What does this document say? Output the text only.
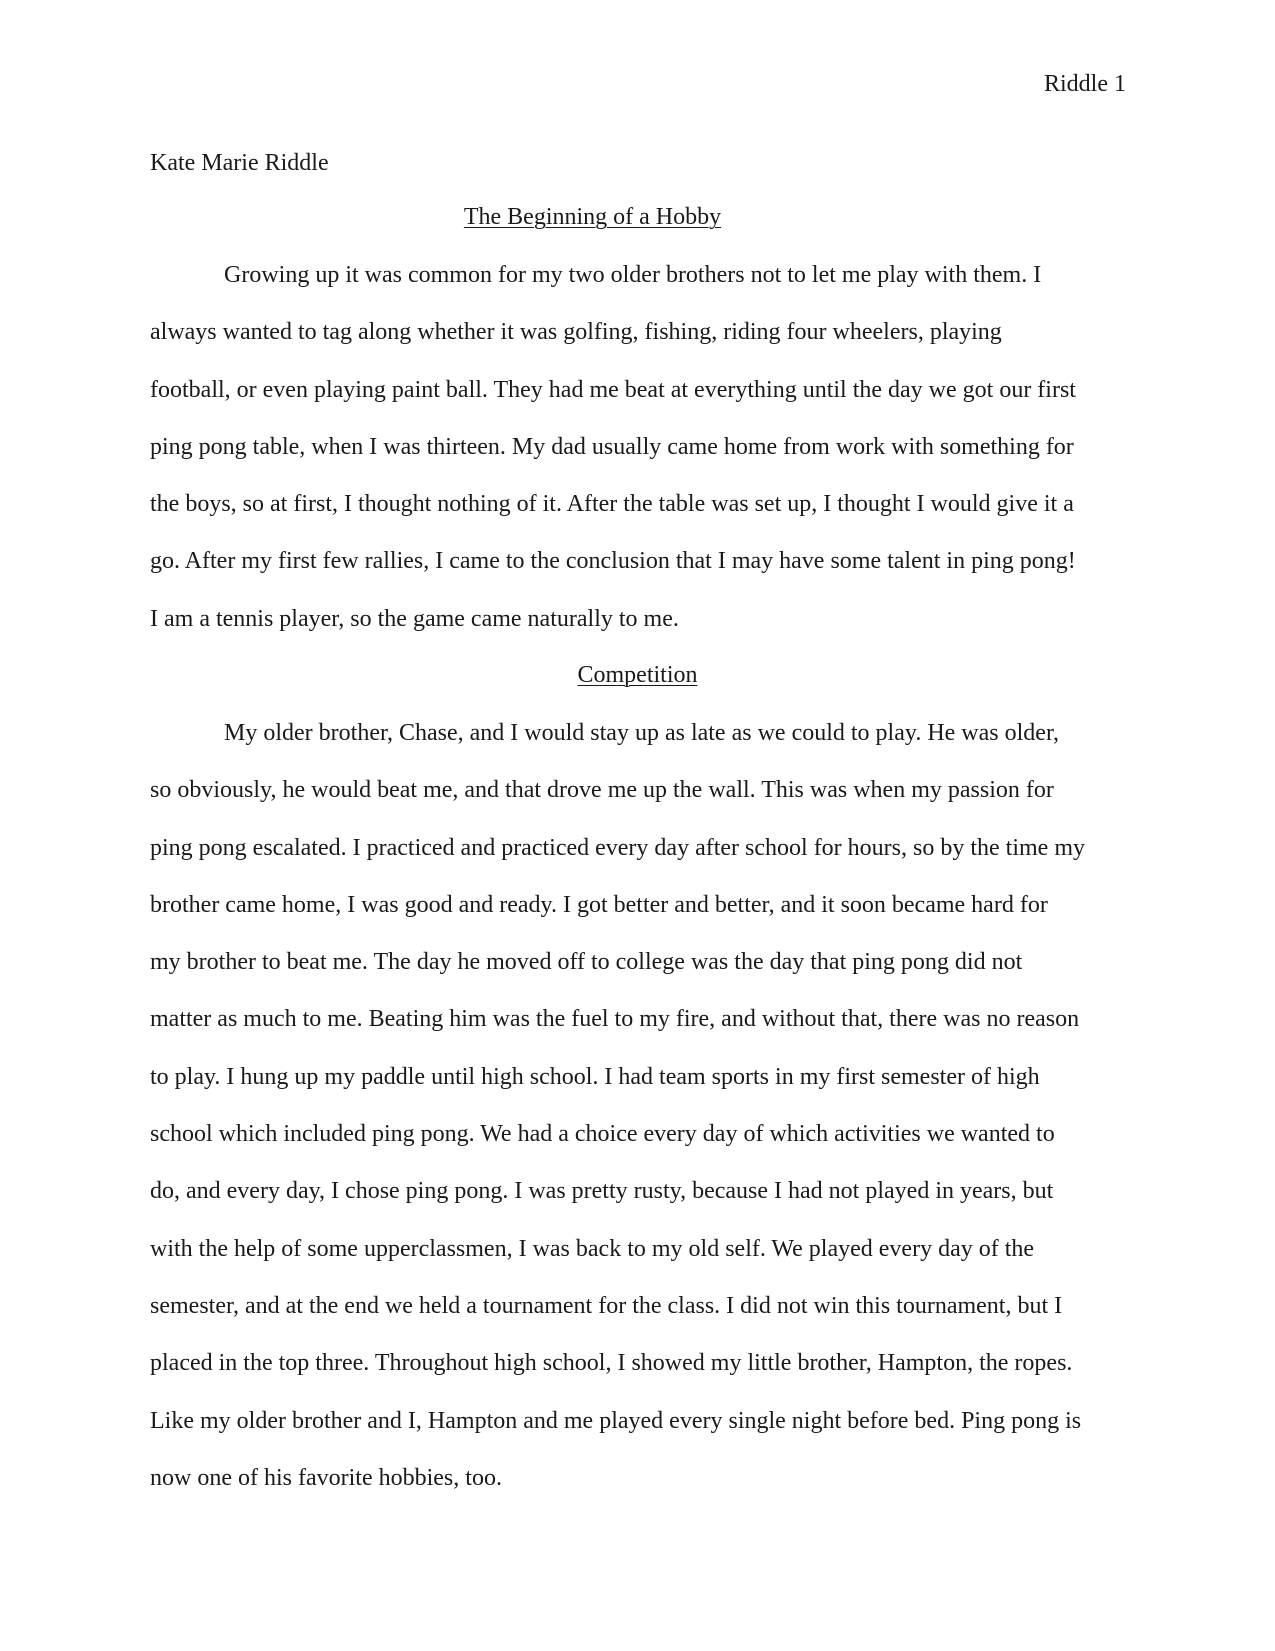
Riddle 1
Kate Marie Riddle
The Beginning of a Hobby
Growing up it was common for my two older brothers not to let me play with them. I
always wanted to tag along whether it was golfing, fishing, riding four wheelers, playing
football, or even playing paint ball. They had me beat at everything until the day we got our first
ping pong table, when I was thirteen. My dad usually came home from work with something for
the boys, so at first, I thought nothing of it. After the table was set up, I thought I would give it a
go. After my first few rallies, I came to the conclusion that I may have some talent in ping pong!
I am a tennis player, so the game came naturally to me.
Competition
My older brother, Chase, and I would stay up as late as we could to play. He was older,
so obviously, he would beat me, and that drove me up the wall. This was when my passion for
ping pong escalated. I practiced and practiced every day after school for hours, so by the time my
brother came home, I was good and ready. I got better and better, and it soon became hard for
my brother to beat me. The day he moved off to college was the day that ping pong did not
matter as much to me. Beating him was the fuel to my fire, and without that, there was no reason
to play. I hung up my paddle until high school. I had team sports in my first semester of high
school which included ping pong. We had a choice every day of which activities we wanted to
do, and every day, I chose ping pong. I was pretty rusty, because I had not played in years, but
with the help of some upperclassmen, I was back to my old self. We played every day of the
semester, and at the end we held a tournament for the class. I did not win this tournament, but I
placed in the top three. Throughout high school, I showed my little brother, Hampton, the ropes.
Like my older brother and I, Hampton and me played every single night before bed. Ping pong is
now one of his favorite hobbies, too.
